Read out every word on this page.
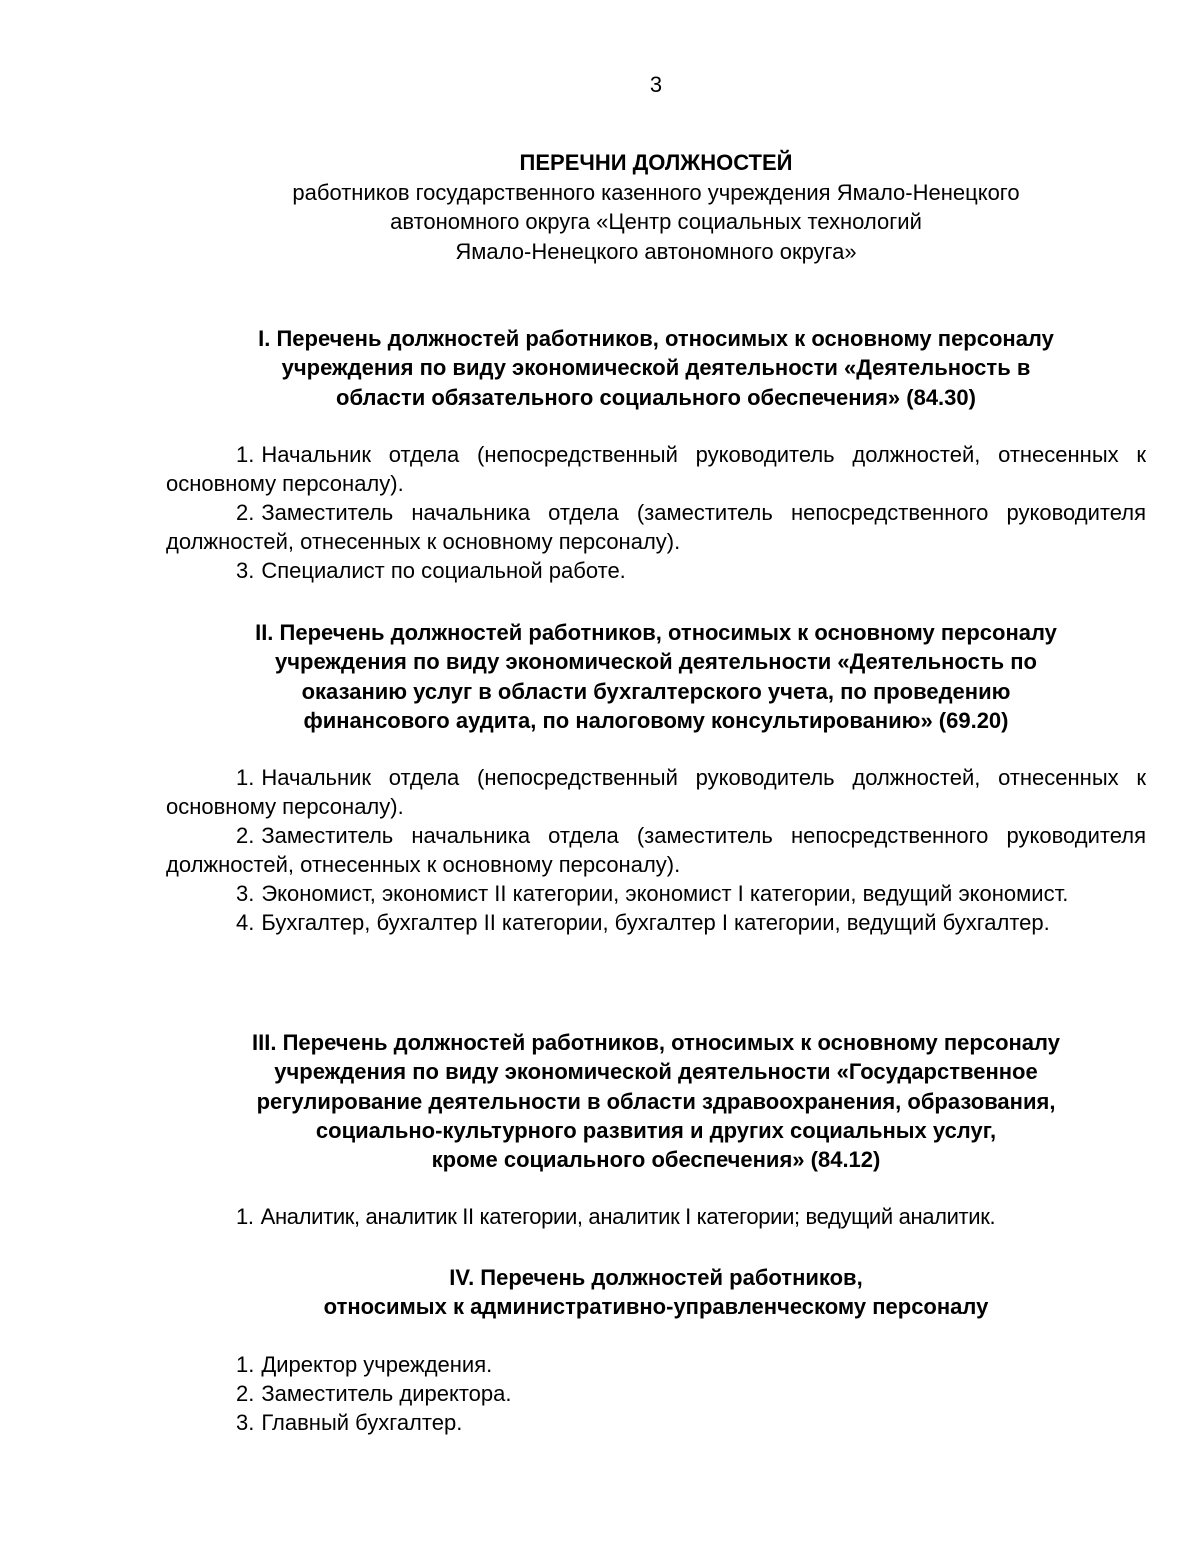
3
ПЕРЕЧНИ ДОЛЖНОСТЕЙ
работников государственного казенного учреждения Ямало-Ненецкого
автономного округа «Центр социальных технологий
Ямало-Ненецкого автономного округа»
I. Перечень должностей работников, относимых к основному персоналу
учреждения по виду экономической деятельности «Деятельность в
области обязательного социального обеспечения» (84.30)
1. Начальник отдела (непосредственный руководитель должностей, отнесенных к основному персоналу).
2. Заместитель начальника отдела (заместитель непосредственного руководителя должностей, отнесенных к основному персоналу).
3. Специалист по социальной работе.
II. Перечень должностей работников, относимых к основному персоналу
учреждения по виду экономической деятельности «Деятельность по
оказанию услуг в области бухгалтерского учета, по проведению
финансового аудита, по налоговому консультированию» (69.20)
1. Начальник отдела (непосредственный руководитель должностей, отнесенных к основному персоналу).
2. Заместитель начальника отдела (заместитель непосредственного руководителя должностей, отнесенных к основному персоналу).
3. Экономист, экономист II категории, экономист I категории, ведущий экономист.
4. Бухгалтер, бухгалтер II категории, бухгалтер I категории, ведущий бухгалтер.
III. Перечень должностей работников, относимых к основному персоналу
учреждения по виду экономической деятельности «Государственное
регулирование деятельности в области здравоохранения, образования,
социально-культурного развития и других социальных услуг,
кроме социального обеспечения» (84.12)
1. Аналитик, аналитик II категории, аналитик I категории; ведущий аналитик.
IV. Перечень должностей работников,
относимых к административно-управленческому персоналу
1. Директор учреждения.
2. Заместитель директора.
3. Главный бухгалтер.
